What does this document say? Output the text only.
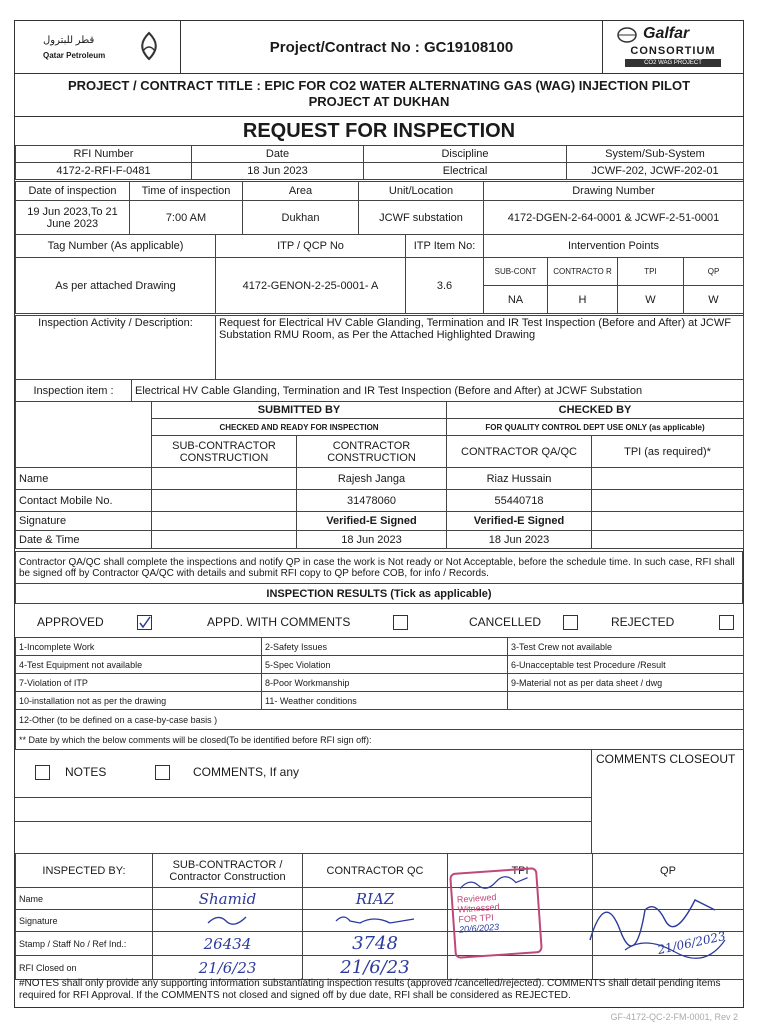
قطر للبترول
Qatar Petroleum	Project/Contract No : GC19108100
Galfar
CONSORTIUM
CO2 WAG PROJECT
PROJECT / CONTRACT TITLE : EPIC FOR CO2 WATER ALTERNATING GAS (WAG) INJECTION PILOT
PROJECT AT DUKHAN
REQUEST FOR INSPECTION
RFI Number	Date	Discipline	System/Sub-System
4172-2-RFI-F-0481	18 Jun 2023	Electrical	JCWF-202, JCWF-202-01
Date of inspection	Time of inspection	Area	Unit/Location	Drawing Number
19 Jun 2023,To 21 June 2023	7:00 AM	Dukhan	JCWF substation	4172-DGEN-2-64-0001 & JCWF-2-51-0001
Tag Number (As applicable)	ITP / QCP No	ITP Item No:	Intervention Points			
As per attached Drawing	4172-GENON-2-25-0001- A	3.6	SUB-CONT	CONTRACTO R	TPI	QP
			NA	H	W	W
Inspection Activity / Description:	Request for Electrical HV Cable Glanding, Termination and IR Test Inspection (Before and After) at JCWF Substation RMU Room, as Per the Attached Highlighted Drawing
Inspection item :	Electrical HV Cable Glanding, Termination and IR Test Inspection (Before and After) at JCWF Substation
	SUBMITTED BY		CHECKED BY	
	CHECKED AND READY FOR INSPECTION		FOR QUALITY CONTROL DEPT USE ONLY (as applicable)	
	SUB-CONTRACTOR CONSTRUCTION	CONTRACTOR CONSTRUCTION	CONTRACTOR QA/QC	TPI (as required)*
Name		Rajesh Janga	Riaz Hussain	
Contact Mobile No.		31478060	55440718	
Signature		Verified-E Signed	Verified-E Signed	
Date & Time		18 Jun 2023	18 Jun 2023	
Contractor QA/QC shall complete the inspections and notify QP in case the work is Not ready or Not Acceptable, before the schedule time. In such case, RFI shall be signed off by Contractor QA/QC with details and submit RFI copy to QP before COB, for info / Records.
INSPECTION RESULTS (Tick as applicable)
APPROVED	APPD. WITH COMMENTS	CANCELLED	REJECTED
1-Incomplete Work	2-Safety Issues	3-Test Crew not available
4-Test Equipment not available	5-Spec Violation	6-Unacceptable test Procedure /Result
7-Violation of ITP	8-Poor Workmanship	9-Material not as per data sheet / dwg
10-installation not as per the drawing	11- Weather conditions	
12-Other (to be defined on a case-by-case basis )		
** Date by which the below comments will be closed(To be identified before RFI sign off):		
NOTES	COMMENTS, If any
COMMENTS CLOSEOUT
INSPECTED BY:	SUB-CONTRACTOR / Contractor Construction	CONTRACTOR QC	TPI	QP
Name	Shamid	RIAZ		
Signature				
Stamp / Staff No / Ref Ind.:	26434	3748		
RFI Closed on	21/6/23	21/6/23		
#NOTES shall only provide any supporting information substantiating inspection results (approved /cancelled/rejected). COMMENTS shall detail pending items required for RFI Approval. If the COMMENTS not closed and signed off by due date, RFI shall be considered as REJECTED.
Reviewed
Witnessed
FOR TPI
20/6/2023
21/06/2023
GF-4172-QC-2-FM-0001, Rev 2
